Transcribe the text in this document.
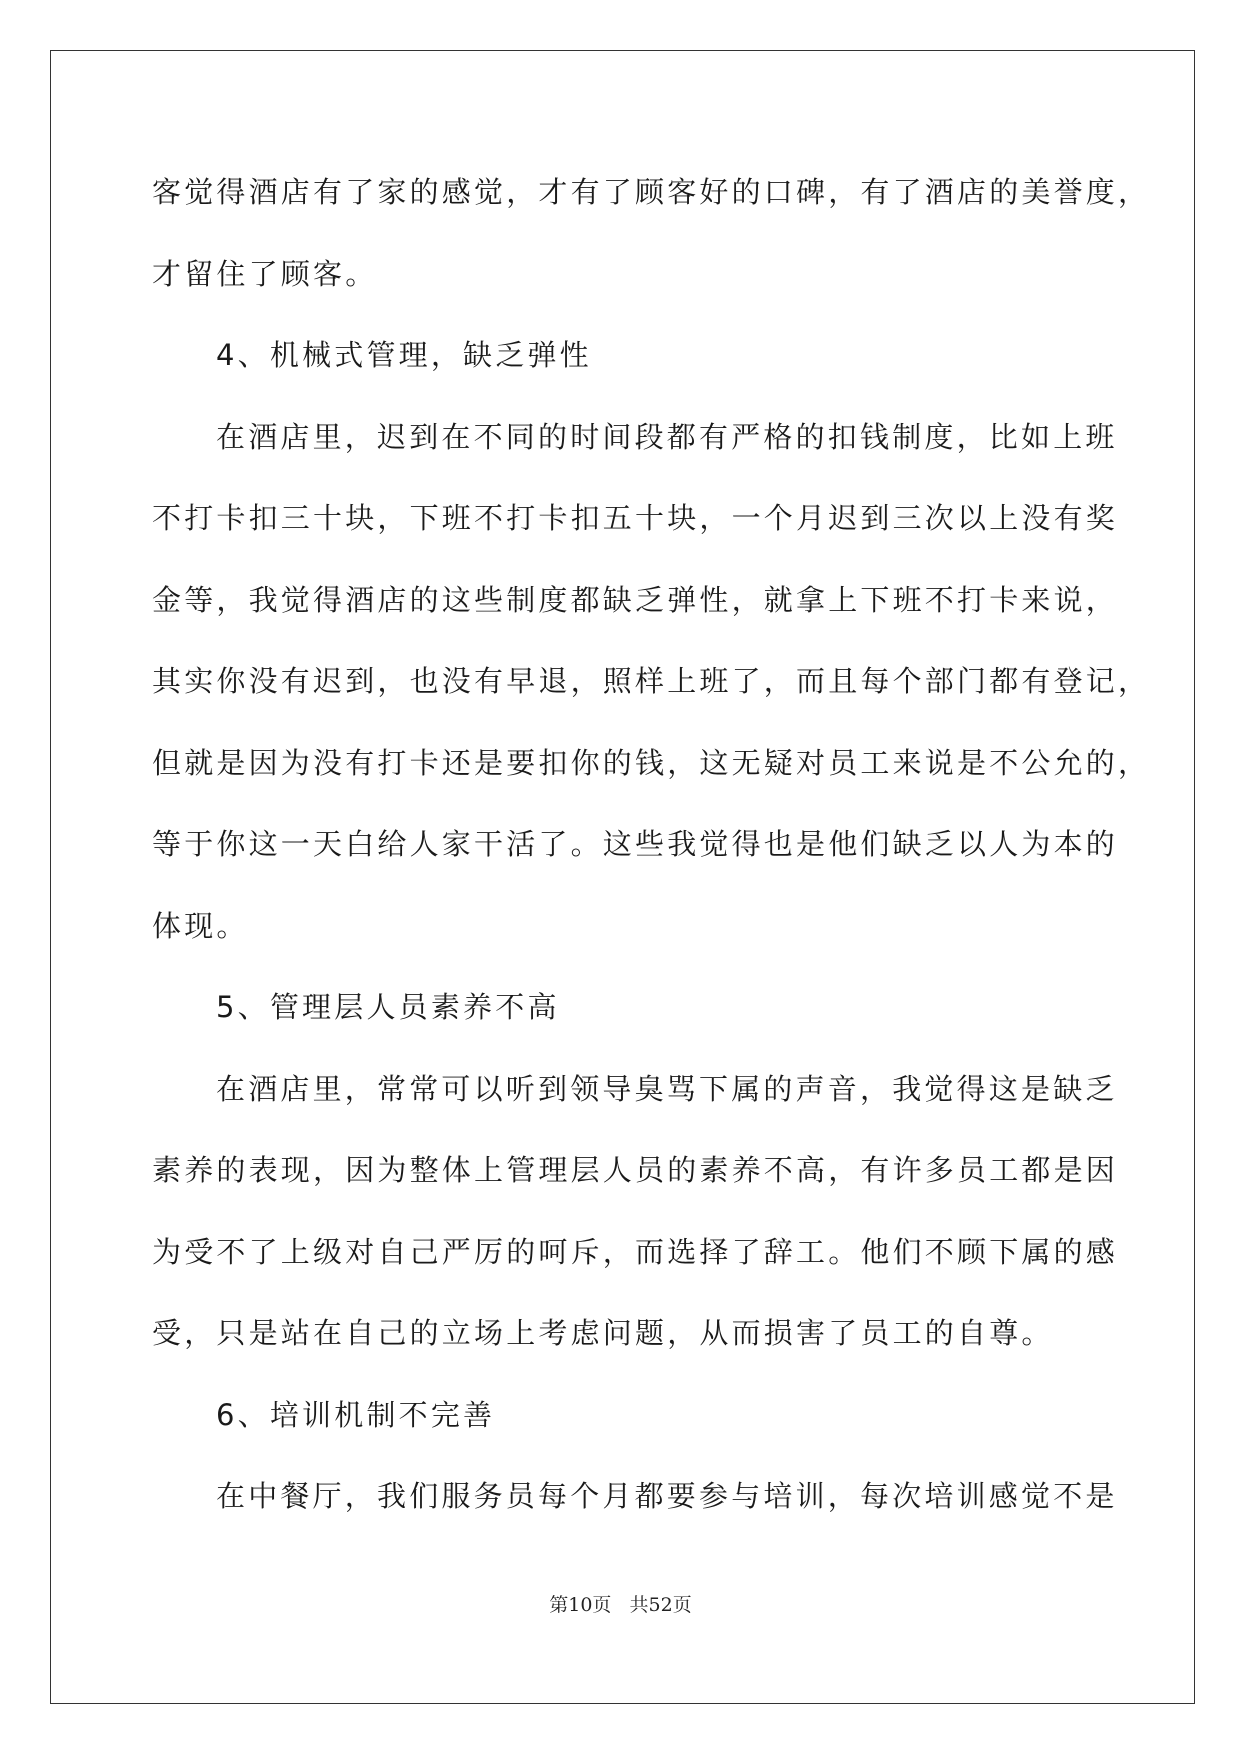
客觉得酒店有了家的感觉，才有了顾客好的口碑，有了酒店的美誉度，
才留住了顾客。
4、机械式管理，缺乏弹性
在酒店里，迟到在不同的时间段都有严格的扣钱制度，比如上班
不打卡扣三十块，下班不打卡扣五十块，一个月迟到三次以上没有奖
金等，我觉得酒店的这些制度都缺乏弹性，就拿上下班不打卡来说，
其实你没有迟到，也没有早退，照样上班了，而且每个部门都有登记，
但就是因为没有打卡还是要扣你的钱，这无疑对员工来说是不公允的，
等于你这一天白给人家干活了。这些我觉得也是他们缺乏以人为本的
体现。
5、管理层人员素养不高
在酒店里，常常可以听到领导臭骂下属的声音，我觉得这是缺乏
素养的表现，因为整体上管理层人员的素养不高，有许多员工都是因
为受不了上级对自己严厉的呵斥，而选择了辞工。他们不顾下属的感
受，只是站在自己的立场上考虑问题，从而损害了员工的自尊。
6、培训机制不完善
在中餐厅，我们服务员每个月都要参与培训，每次培训感觉不是
第10页   共52页
